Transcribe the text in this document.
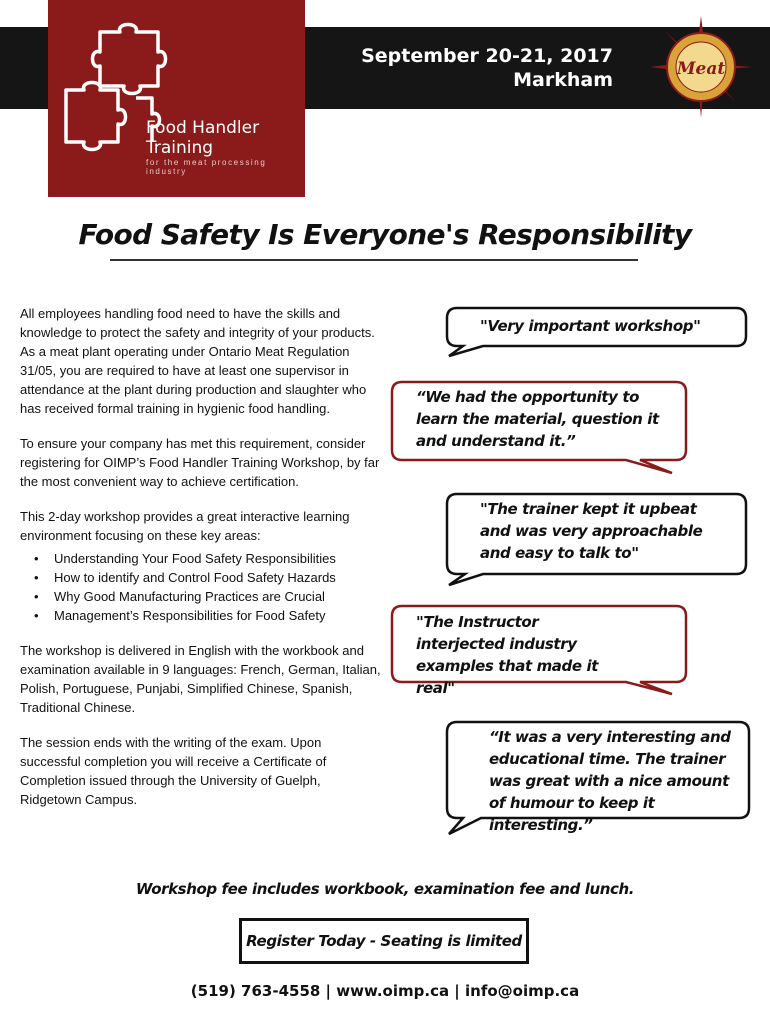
Food Handler
Training
for the meat processing industry
September 20-21, 2017
Markham	Meat
Food Safety Is Everyone's Responsibility

All employees handling food need to have the skills and knowledge to protect the safety and integrity of your products. As a meat plant operating under Ontario Meat Regulation 31/05, you are required to have at least one supervisor in attendance at the plant during production and slaughter who has received formal training in hygienic food handling.

To ensure your company has met this requirement, consider registering for OIMP’s Food Handler Training Workshop, by far the most convenient way to achieve certification.

This 2-day workshop provides a great interactive learning environment focusing on these key areas:

• Understanding Your Food Safety Responsibilities
• How to identify and Control Food Safety Hazards
• Why Good Manufacturing Practices are Crucial
• Management’s Responsibilities for Food Safety

The workshop is delivered in English with the workbook and examination available in 9 languages: French, German, Italian, Polish, Portuguese, Punjabi, Simplified Chinese, Spanish, Traditional Chinese.

The session ends with the writing of the exam. Upon successful completion you will receive a Certificate of Completion issued through the University of Guelph, Ridgetown Campus.

"Very important workshop"
“We had the opportunity to learn the material, question it and understand it.”
"The trainer kept it upbeat and was very approachable and easy to talk to"
"The Instructor interjected industry examples that made it real"
“It was a very interesting and educational time. The trainer was great with a nice amount of humour to keep it interesting.”
Workshop fee includes workbook, examination fee and lunch.
Register Today - Seating is limited
(519) 763-4558 | www.oimp.ca | info@oimp.ca
